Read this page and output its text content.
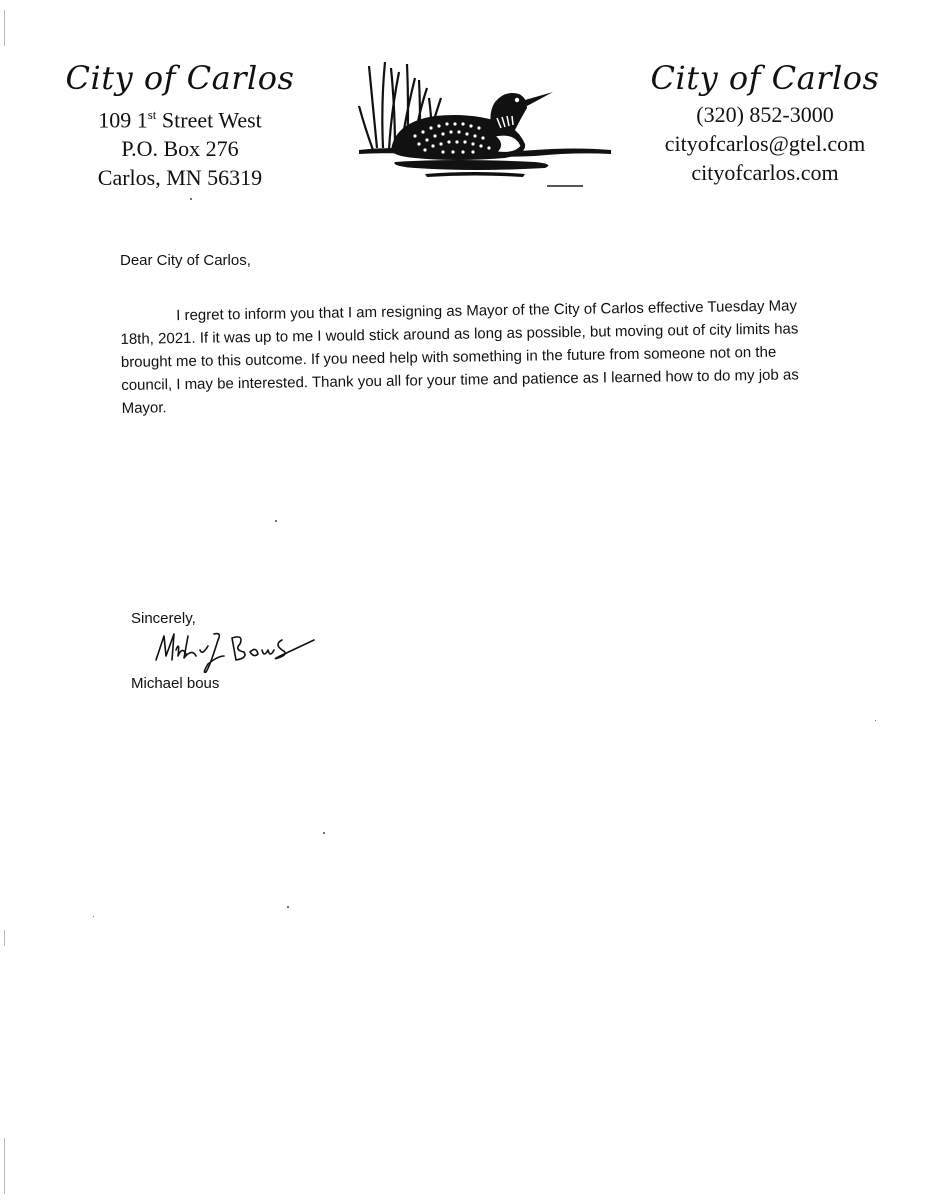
City of Carlos
109 1st Street West
P.O. Box 276
Carlos, MN 56319
City of Carlos
(320) 852-3000
cityofcarlos@gtel.com
cityofcarlos.com
Dear City of Carlos,

I regret to inform you that I am resigning as Mayor of the City of Carlos effective Tuesday May 18th, 2021. If it was up to me I would stick around as long as possible, but moving out of city limits has brought me to this outcome. If you need help with something in the future from someone not on the council, I may be interested. Thank you all for your time and patience as I learned how to do my job as Mayor.

Sincerely,
Michael bous
